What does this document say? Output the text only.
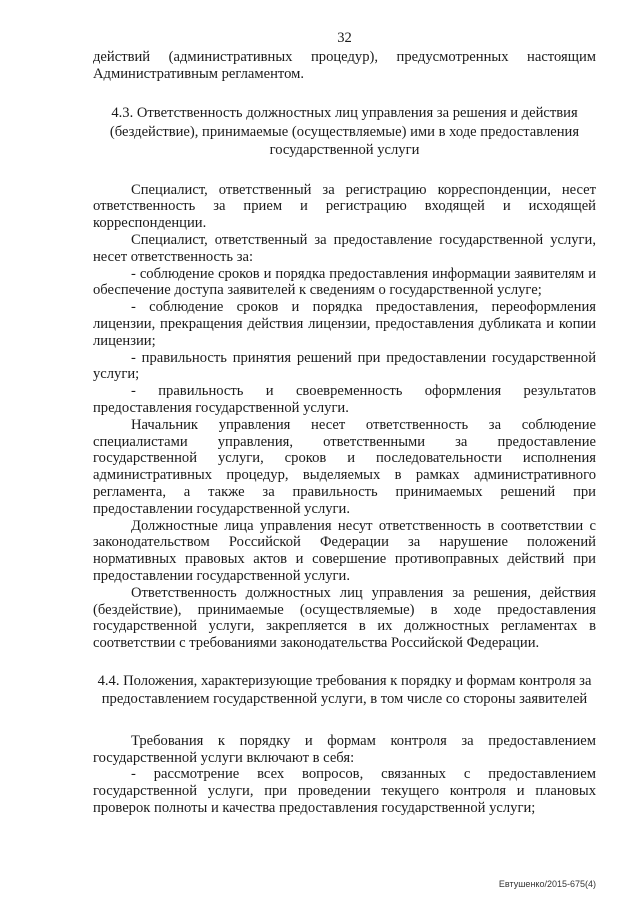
32

действий (административных процедур), предусмотренных настоящим Административным регламентом.

4.3. Ответственность должностных лиц управления за решения и действия (бездействие), принимаемые (осуществляемые) ими в ходе предоставления государственной услуги

Специалист, ответственный за регистрацию корреспонденции, несет ответственность за прием и регистрацию входящей и исходящей корреспонденции.

Специалист, ответственный за предоставление государственной услуги, несет ответственность за:

- соблюдение сроков и порядка предоставления информации заявителям и обеспечение доступа заявителей к сведениям о государственной услуге;

- соблюдение сроков и порядка предоставления, переоформления лицензии, прекращения действия лицензии, предоставления дубликата и копии лицензии;

- правильность принятия решений при предоставлении государственной услуги;

- правильность и своевременность оформления результатов предоставления государственной услуги.

Начальник управления несет ответственность за соблюдение специалистами управления, ответственными за предоставление государственной услуги, сроков и последовательности исполнения административных процедур, выделяемых в рамках административного регламента, а также за правильность принимаемых решений при предоставлении государственной услуги.

Должностные лица управления несут ответственность в соответствии с законодательством Российской Федерации за нарушение положений нормативных правовых актов и совершение противоправных действий при предоставлении государственной услуги.

Ответственность должностных лиц управления за решения, действия (бездействие), принимаемые (осуществляемые) в ходе предоставления государственной услуги, закрепляется в их должностных регламентах в соответствии с требованиями законодательства Российской Федерации.

4.4. Положения, характеризующие требования к порядку и формам контроля за предоставлением государственной услуги, в том числе со стороны заявителей

Требования к порядку и формам контроля за предоставлением государственной услуги включают в себя:

- рассмотрение всех вопросов, связанных с предоставлением государственной услуги, при проведении текущего контроля и плановых проверок полноты и качества предоставления государственной услуги;

Евтушенко/2015-675(4)
